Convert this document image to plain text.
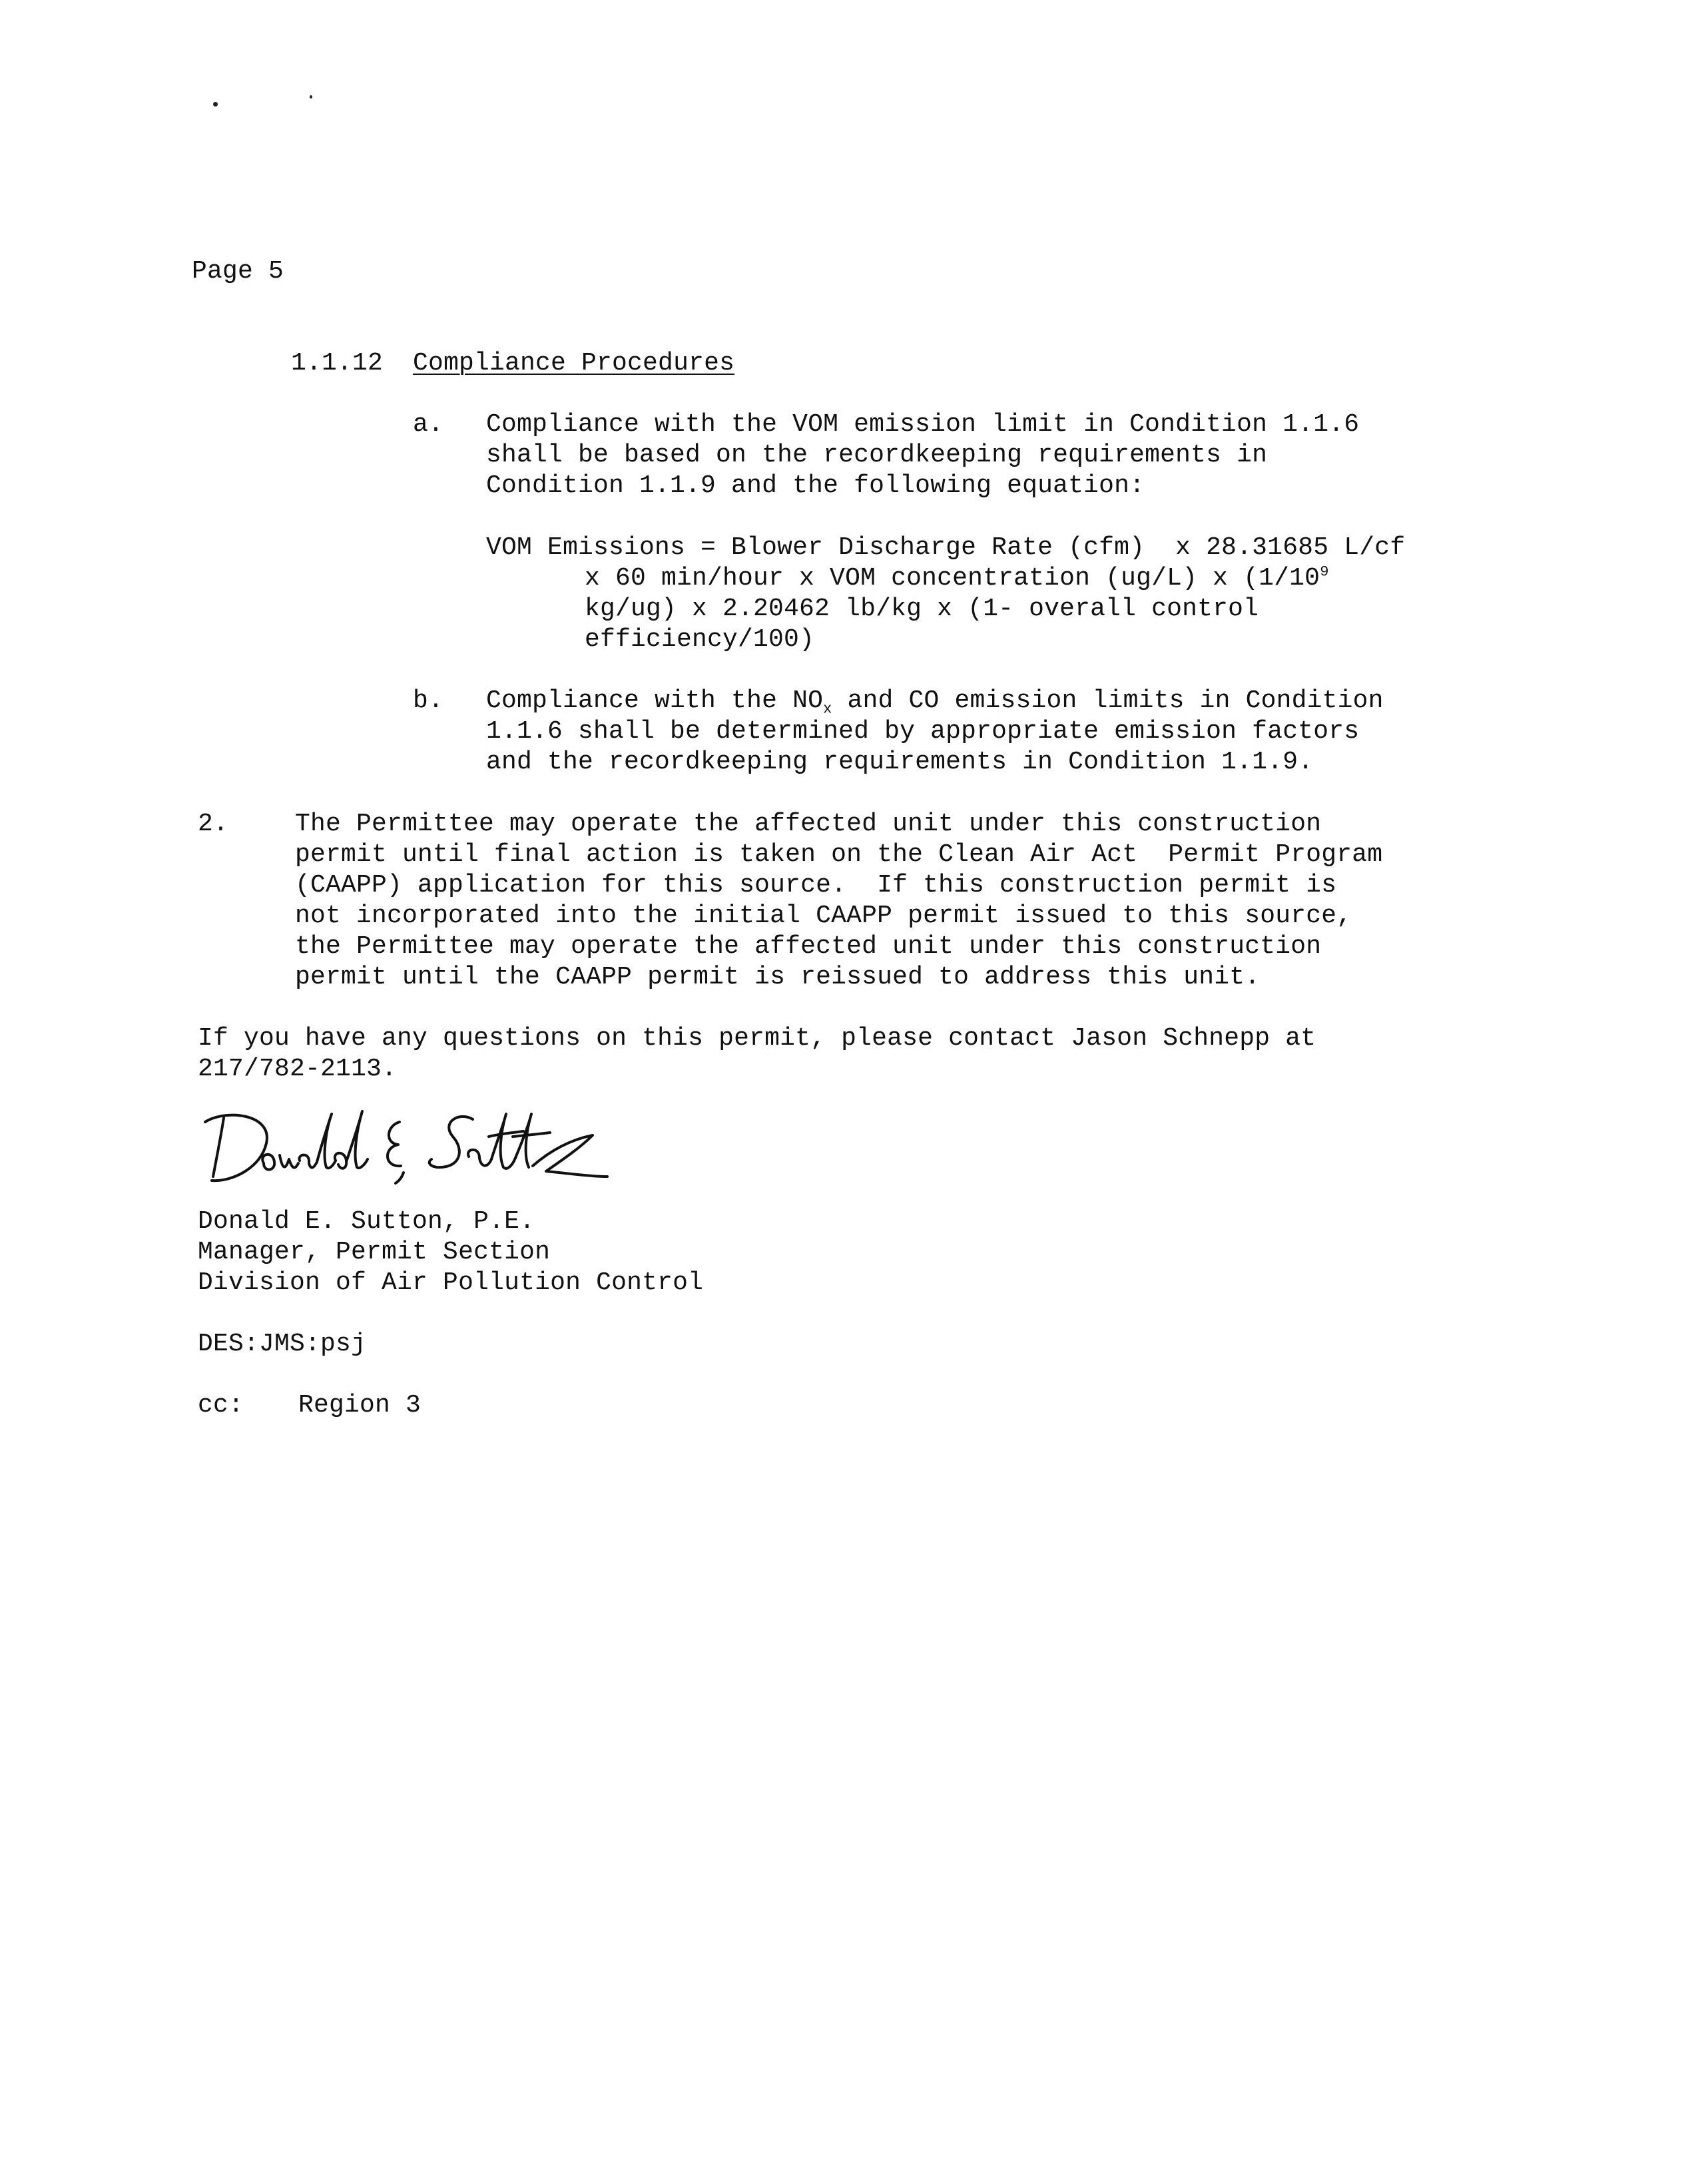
Page 5
1.1.12 Compliance Procedures
a. Compliance with the VOM emission limit in Condition 1.1.6
shall be based on the recordkeeping requirements in
Condition 1.1.9 and the following equation:
VOM Emissions = Blower Discharge Rate (cfm)  x 28.31685 L/cf
x 60 min/hour x VOM concentration (ug/L) x ($1/10^9$
kg/ug) x 2.20462 lb/kg x (1- overall control
efficiency/100)
b. Compliance with the $NO_x$ and CO emission limits in Condition
1.1.6 shall be determined by appropriate emission factors
and the recordkeeping requirements in Condition 1.1.9.
2.	The Permittee may operate the affected unit under this construction
permit until final action is taken on the Clean Air Act  Permit Program
(CAAPP) application for this source.  If this construction permit is
not incorporated into the initial CAAPP permit issued to this source,
the Permittee may operate the affected unit under this construction
permit until the CAAPP permit is reissued to address this unit.
If you have any questions on this permit, please contact Jason Schnepp at
217/782-2113.
Donald E. Sutton, P.E.
Manager, Permit Section
Division of Air Pollution Control
DES:JMS:psj
cc: Region 3
